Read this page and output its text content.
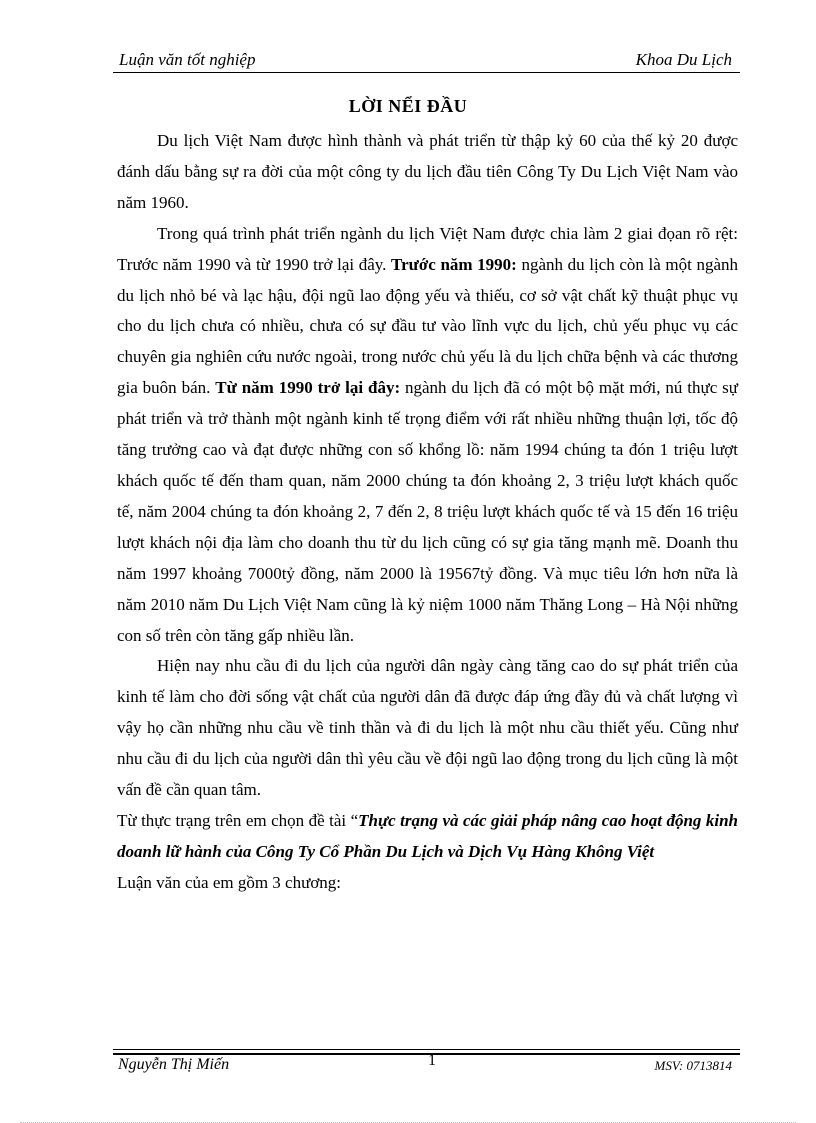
Luận văn tốt nghiệp	Khoa Du Lịch
LỜI NỂI ĐẦU

Du lịch Việt Nam được hình thành và phát triển từ thập kỷ 60 của thế kỷ 20 được đánh dấu bằng sự ra đời của một công ty du lịch đầu tiên Công Ty Du Lịch Việt Nam vào năm 1960.

Trong quá trình phát triển ngành du lịch Việt Nam được chia làm 2 giai đọan rõ rệt: Trước năm 1990 và từ 1990 trở lại đây. Trước năm 1990: ngành du lịch còn là một ngành du lịch nhỏ bé và lạc hậu, đội ngũ lao động yếu và thiếu, cơ sở vật chất kỹ thuật phục vụ cho du lịch chưa có nhiều, chưa có sự đầu tư vào lĩnh vực du lịch, chủ yếu phục vụ các chuyên gia nghiên cứu nước ngoài, trong nước chủ yếu là du lịch chữa bệnh và các thương gia buôn bán. Từ năm 1990 trở lại đây: ngành du lịch đã có một bộ mặt mới, nú thực sự phát triển và trở thành một ngành kinh tế trọng điểm với rất nhiều những thuận lợi, tốc độ tăng trưởng cao và đạt được những con số khổng lồ: năm 1994 chúng ta đón 1 triệu lượt khách quốc tế đến tham quan, năm 2000 chúng ta đón khoảng 2, 3 triệu lượt khách quốc tế, năm 2004 chúng ta đón khoảng 2, 7 đến 2, 8 triệu lượt khách quốc tế và 15 đến 16 triệu lượt khách nội địa làm cho doanh thu từ du lịch cũng có sự gia tăng mạnh mẽ. Doanh thu năm 1997 khoảng 7000tỷ đồng, năm 2000 là 19567tỷ đồng. Và mục tiêu lớn hơn nữa là năm 2010 năm Du Lịch Việt Nam cũng là kỷ niệm 1000 năm Thăng Long – Hà Nội những con số trên còn tăng gấp nhiều lần.

Hiện nay nhu cầu đi du lịch của người dân ngày càng tăng cao do sự phát triển của kinh tế làm cho đời sống vật chất của người dân đã được đáp ứng đầy đủ và chất lượng vì vậy họ cần những nhu cầu về tinh thần và đi du lịch là một nhu cầu thiết yếu. Cũng như nhu cầu đi du lịch của người dân thì yêu cầu về đội ngũ lao động trong du lịch cũng là một vấn đề cần quan tâm.

Từ thực trạng trên em chọn đề tài “Thực trạng và các giải pháp nâng cao hoạt động kinh doanh lữ hành của Công Ty Cổ Phần Du Lịch và Dịch Vụ Hàng Không Việt

Luận văn của em gồm 3 chương:

Nguyễn Thị Miến	1	MSV: 0713814
